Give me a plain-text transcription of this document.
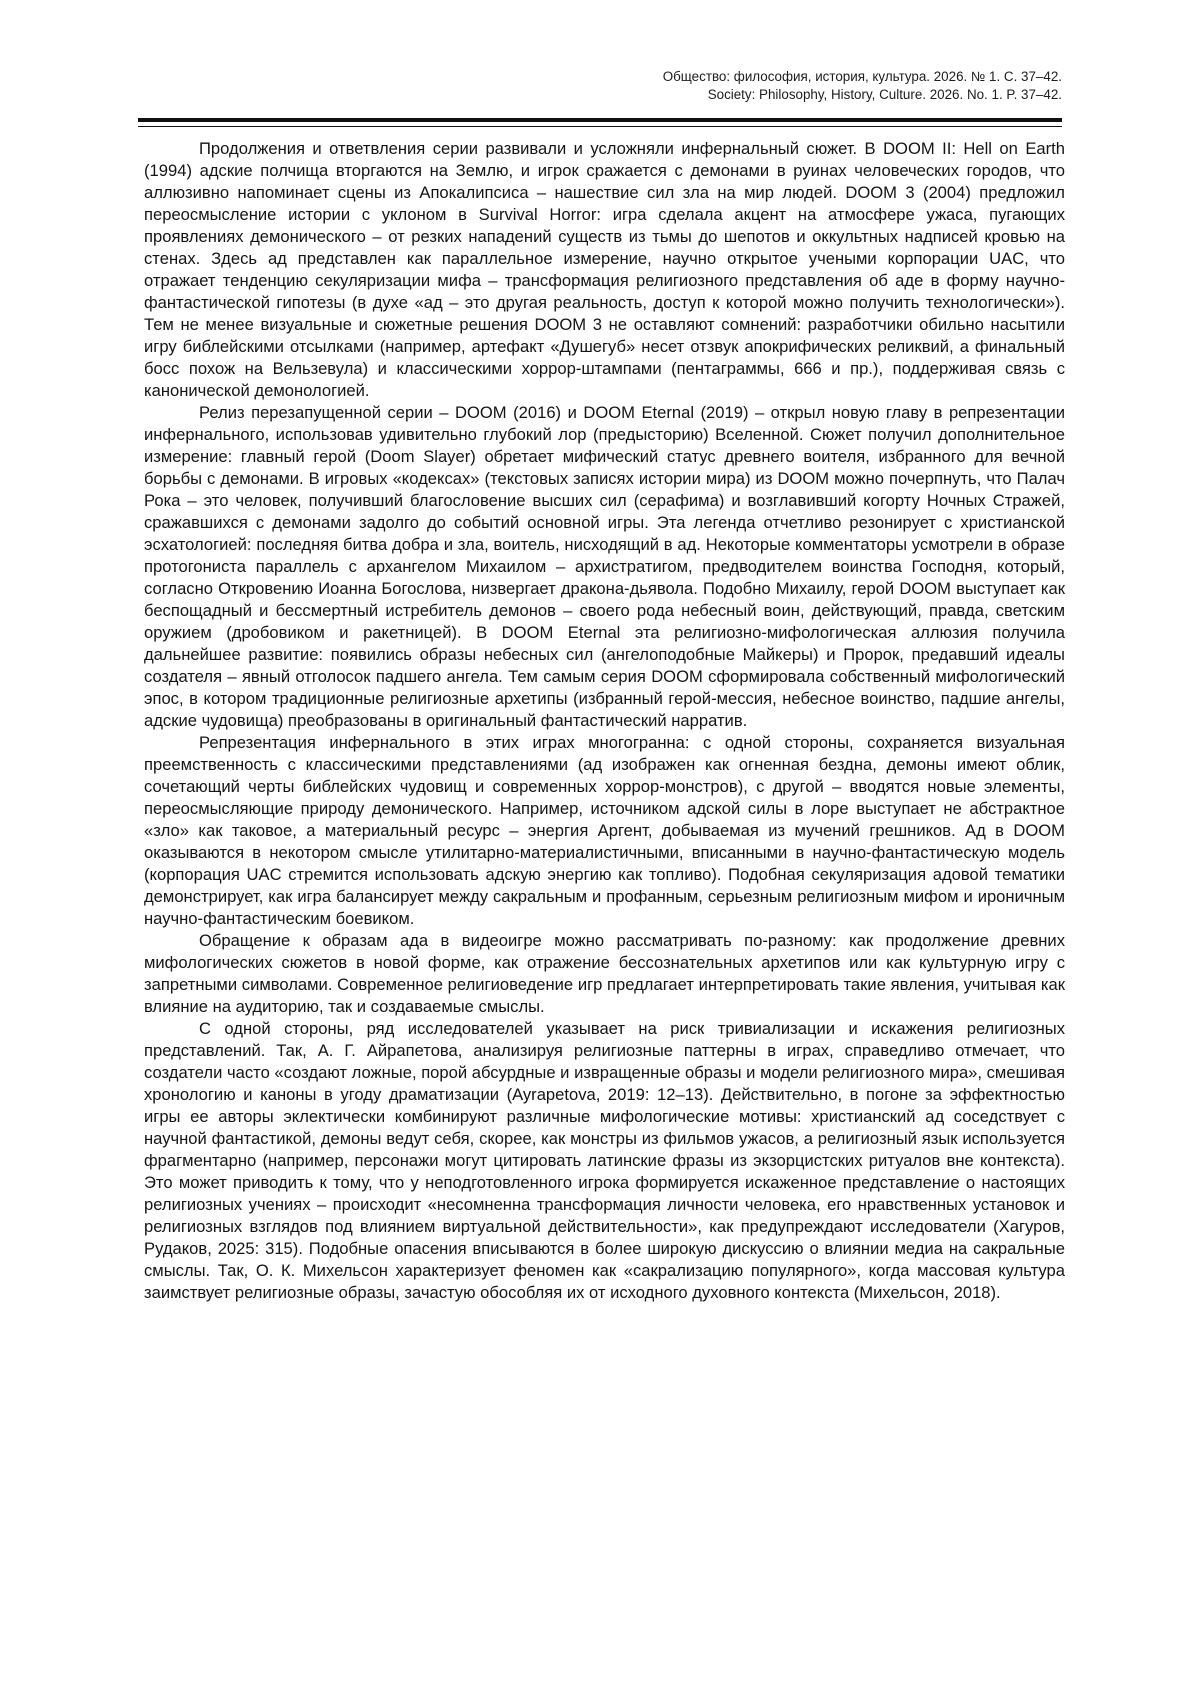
Общество: философия, история, культура. 2026. № 1. С. 37–42.
Society: Philosophy, History, Culture. 2026. No. 1. P. 37–42.

Продолжения и ответвления серии развивали и усложняли инфернальный сюжет. В DOOM II: Hell on Earth (1994) адские полчища вторгаются на Землю, и игрок сражается с демонами в руинах человеческих городов, что аллюзивно напоминает сцены из Апокалипсиса – нашествие сил зла на мир людей. DOOM 3 (2004) предложил переосмысление истории с уклоном в Survival Horror: игра сделала акцент на атмосфере ужаса, пугающих проявлениях демонического – от резких нападений существ из тьмы до шепотов и оккультных надписей кровью на стенах. Здесь ад представлен как параллельное измерение, научно открытое учеными корпорации UAC, что отражает тенденцию секуляризации мифа – трансформация религиозного представления об аде в форму научно-фантастической гипотезы (в духе «ад – это другая реальность, доступ к которой можно получить технологически»). Тем не менее визуальные и сюжетные решения DOOM 3 не оставляют сомнений: разработчики обильно насытили игру библейскими отсылками (например, артефакт «Душегуб» несет отзвук апокрифических реликвий, а финальный босс похож на Вельзевула) и классическими хоррор-штампами (пентаграммы, 666 и пр.), поддерживая связь с канонической демонологией.

Релиз перезапущенной серии – DOOM (2016) и DOOM Eternal (2019) – открыл новую главу в репрезентации инфернального, использовав удивительно глубокий лор (предысторию) Вселенной. Сюжет получил дополнительное измерение: главный герой (Doom Slayer) обретает мифический статус древнего воителя, избранного для вечной борьбы с демонами. В игровых «кодексах» (текстовых записях истории мира) из DOOM можно почерпнуть, что Палач Рока – это человек, получивший благословение высших сил (серафима) и возглавивший когорту Ночных Стражей, сражавшихся с демонами задолго до событий основной игры. Эта легенда отчетливо резонирует с христианской эсхатологией: последняя битва добра и зла, воитель, нисходящий в ад. Некоторые комментаторы усмотрели в образе протогониста параллель с архангелом Михаилом – архистратигом, предводителем воинства Господня, который, согласно Откровению Иоанна Богослова, низвергает дракона-дьявола. Подобно Михаилу, герой DOOM выступает как беспощадный и бессмертный истребитель демонов – своего рода небесный воин, действующий, правда, светским оружием (дробовиком и ракетницей). В DOOM Eternal эта религиозно-мифологическая аллюзия получила дальнейшее развитие: появились образы небесных сил (ангелоподобные Майкеры) и Пророк, предавший идеалы создателя – явный отголосок падшего ангела. Тем самым серия DOOM сформировала собственный мифологический эпос, в котором традиционные религиозные архетипы (избранный герой-мессия, небесное воинство, падшие ангелы, адские чудовища) преобразованы в оригинальный фантастический нарратив.

Репрезентация инфернального в этих играх многогранна: с одной стороны, сохраняется визуальная преемственность с классическими представлениями (ад изображен как огненная бездна, демоны имеют облик, сочетающий черты библейских чудовищ и современных хоррор-монстров), с другой – вводятся новые элементы, переосмысляющие природу демонического. Например, источником адской силы в лоре выступает не абстрактное «зло» как таковое, а материальный ресурс – энергия Аргент, добываемая из мучений грешников. Ад в DOOM оказываются в некотором смысле утилитарно-материалистичными, вписанными в научно-фантастическую модель (корпорация UAC стремится использовать адскую энергию как топливо). Подобная секуляризация адовой тематики демонстрирует, как игра балансирует между сакральным и профанным, серьезным религиозным мифом и ироничным научно-фантастическим боевиком.

Обращение к образам ада в видеоигре можно рассматривать по-разному: как продолжение древних мифологических сюжетов в новой форме, как отражение бессознательных архетипов или как культурную игру с запретными символами. Современное религиоведение игр предлагает интерпретировать такие явления, учитывая как влияние на аудиторию, так и создаваемые смыслы.

С одной стороны, ряд исследователей указывает на риск тривиализации и искажения религиозных представлений. Так, А. Г. Айрапетова, анализируя религиозные паттерны в играх, справедливо отмечает, что создатели часто «создают ложные, порой абсурдные и извращенные образы и модели религиозного мира», смешивая хронологию и каноны в угоду драматизации (Ayrapetova, 2019: 12–13). Действительно, в погоне за эффектностью игры ее авторы эклектически комбинируют различные мифологические мотивы: христианский ад соседствует с научной фантастикой, демоны ведут себя, скорее, как монстры из фильмов ужасов, а религиозный язык используется фрагментарно (например, персонажи могут цитировать латинские фразы из экзорцистских ритуалов вне контекста). Это может приводить к тому, что у неподготовленного игрока формируется искаженное представление о настоящих религиозных учениях – происходит «несомненна трансформация личности человека, его нравственных установок и религиозных взглядов под влиянием виртуальной действительности», как предупреждают исследователи (Хагуров, Рудаков, 2025: 315). Подобные опасения вписываются в более широкую дискуссию о влиянии медиа на сакральные смыслы. Так, О. К. Михельсон характеризует феномен как «сакрализацию популярного», когда массовая культура заимствует религиозные образы, зачастую обособляя их от исходного духовного контекста (Михельсон, 2018).
